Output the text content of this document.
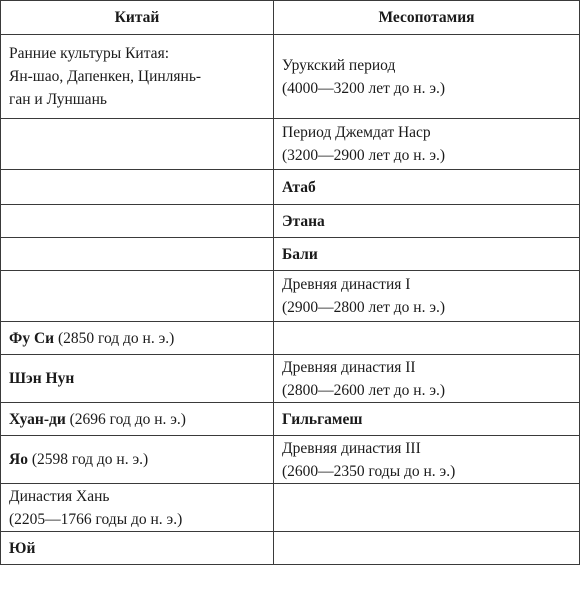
Китай	Месопотамия

Ранние культуры Китая:
Ян-шао, Дапенкен, Цинлянь-
ган и Луншань	Урукский период
(4000—3200 лет до н. э.)

	Период Джемдат Наср
(3200—2900 лет до н. э.)

	Атаб
	Этана
	Бали

	Древняя династия I
(2900—2800 лет до н. э.)

Фу Си (2850 год до н. э.)	
Шэн Нун	Древняя династия II
(2800—2600 лет до н. э.)

Хуан-ди (2696 год до н. э.)	Гильгамеш
Яо (2598 год до н. э.)	Древняя династия III
(2600—2350 годы до н. э.)

Династия Хань
(2205—1766 годы до н. э.)	

Юй	
